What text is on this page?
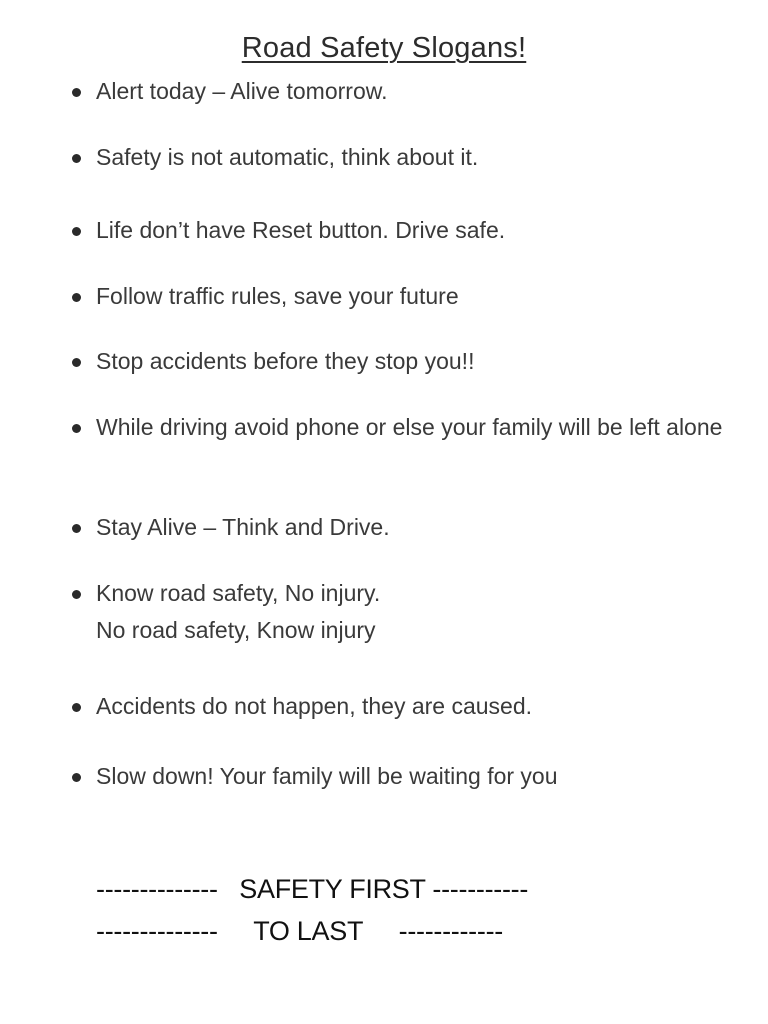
Road Safety Slogans!
Alert today – Alive tomorrow.
Safety is not automatic, think about it.
Life don’t have Reset button. Drive safe.
Follow traffic rules, save your future
Stop accidents before they stop you!!
While driving avoid phone or else your family will be left alone
Stay Alive – Think and Drive.
Know road safety, No injury.
No road safety, Know injury
Accidents do not happen, they are caused.
Slow down! Your family will be waiting for you
--------------   SAFETY FIRST -----------
--------------     TO LAST     ------------
